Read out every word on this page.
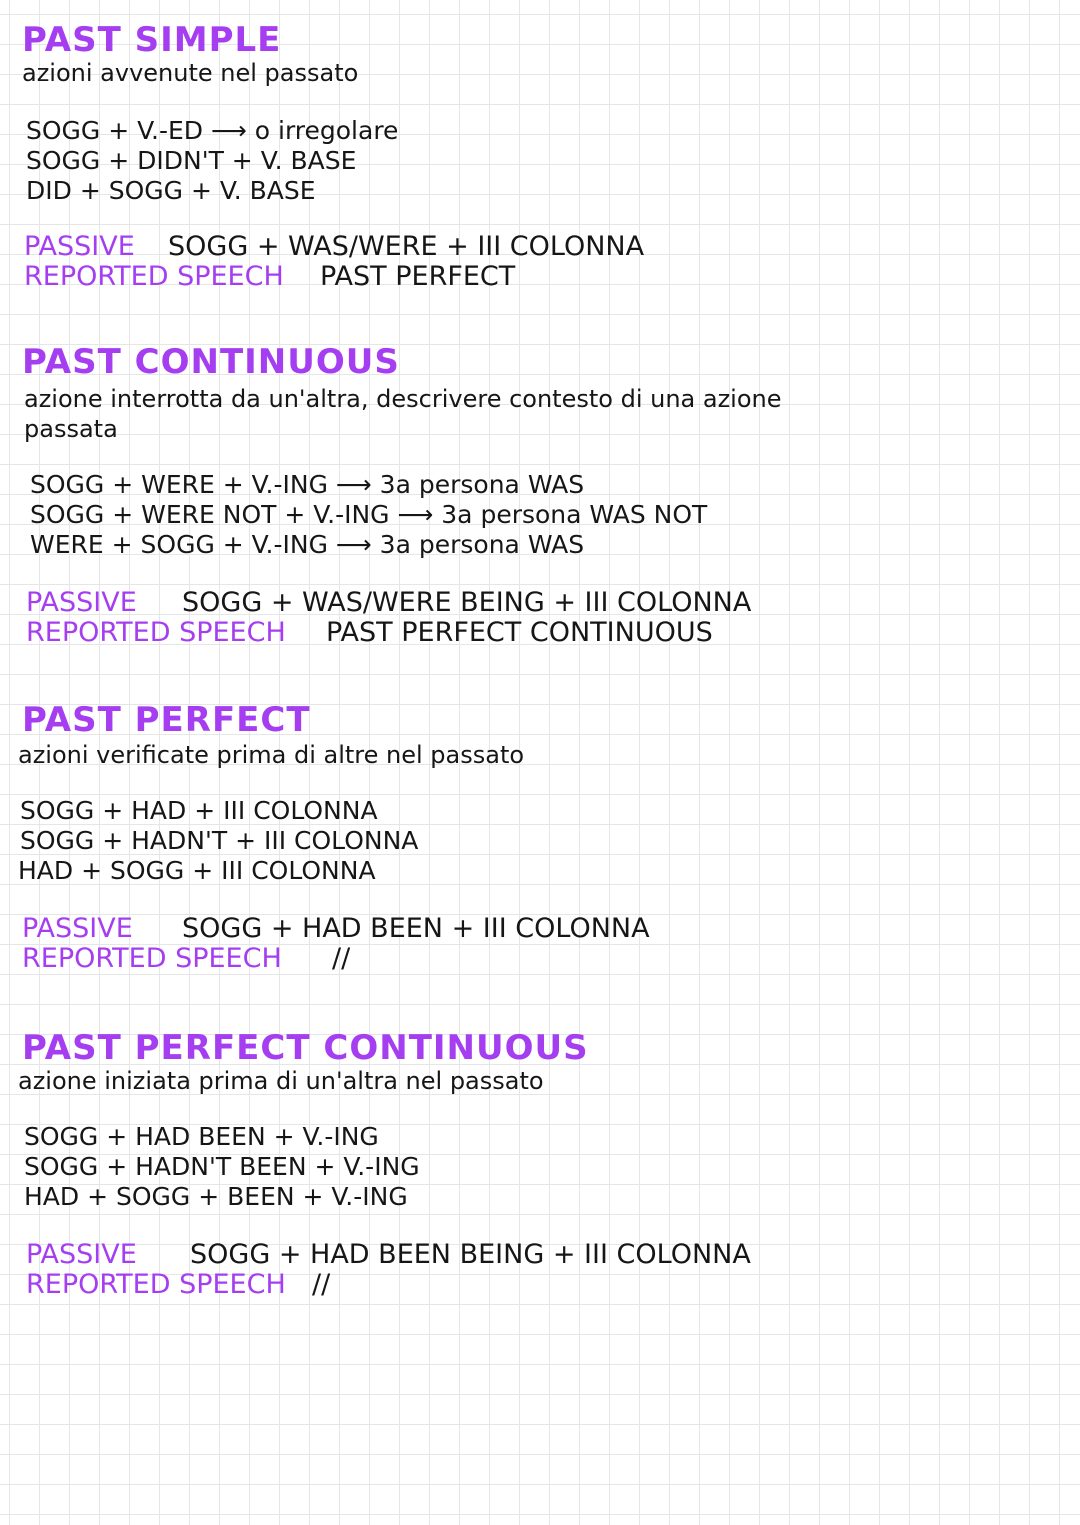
PAST SIMPLE
azioni avvenute nel passato
SOGG + V.-ED ⟶ o irregolare
SOGG + DIDN'T + V. BASE
DID + SOGG + V. BASE
PASSIVE SOGG + WAS/WERE + III COLONNA
REPORTED SPEECH PAST PERFECT
PAST CONTINUOUS
azione interrotta da un'altra, descrivere contesto di una azione
passata
SOGG + WERE + V.-ING ⟶ 3a persona WAS
SOGG + WERE NOT + V.-ING ⟶ 3a persona WAS NOT
WERE + SOGG + V.-ING ⟶ 3a persona WAS
PASSIVE SOGG + WAS/WERE BEING + III COLONNA
REPORTED SPEECH PAST PERFECT CONTINUOUS
PAST PERFECT
azioni verificate prima di altre nel passato
SOGG + HAD + III COLONNA
SOGG + HADN'T + III COLONNA
HAD + SOGG + III COLONNA
PASSIVE SOGG + HAD BEEN + III COLONNA
REPORTED SPEECH //
PAST PERFECT CONTINUOUS
azione iniziata prima di un'altra nel passato
SOGG + HAD BEEN + V.-ING
SOGG + HADN'T BEEN + V.-ING
HAD + SOGG + BEEN + V.-ING
PASSIVE SOGG + HAD BEEN BEING + III COLONNA
REPORTED SPEECH //
